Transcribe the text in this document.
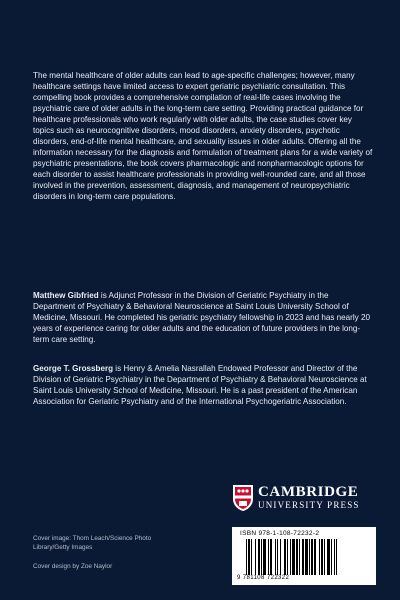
The mental healthcare of older adults can lead to age-specific challenges; however, many healthcare settings have limited access to expert geriatric psychiatric consultation. This compelling book provides a comprehensive compilation of real-life cases involving the psychiatric care of older adults in the long-term care setting. Providing practical guidance for healthcare professionals who work regularly with older adults, the case studies cover key topics such as neurocognitive disorders, mood disorders, anxiety disorders, psychotic disorders, end-of-life mental healthcare, and sexuality issues in older adults. Offering all the information necessary for the diagnosis and formulation of treatment plans for a wide variety of psychiatric presentations, the book covers pharmacologic and nonpharmacologic options for each disorder to assist healthcare professionals in providing well-rounded care, and all those involved in the prevention, assessment, diagnosis, and management of neuropsychiatric disorders in long-term care populations.

Matthew Gibfried is Adjunct Professor in the Division of Geriatric Psychiatry in the Department of Psychiatry & Behavioral Neuroscience at Saint Louis University School of Medicine, Missouri. He completed his geriatric psychiatry fellowship in 2023 and has nearly 20 years of experience caring for older adults and the education of future providers in the long-term care setting.

George T. Grossberg is Henry & Amelia Nasrallah Endowed Professor and Director of the Division of Geriatric Psychiatry in the Department of Psychiatry & Behavioral Neuroscience at Saint Louis University School of Medicine, Missouri. He is a past president of the American Association for Geriatric Psychiatry and of the International Psychogeriatric Association.

CAMBRIDGE
UNIVERSITY PRESS
ISBN 978-1-108-72232-2
9 781108 722322

Cover image: Thom Leach/Science Photo Library/Getty Images

Cover design by Zoe Naylor
